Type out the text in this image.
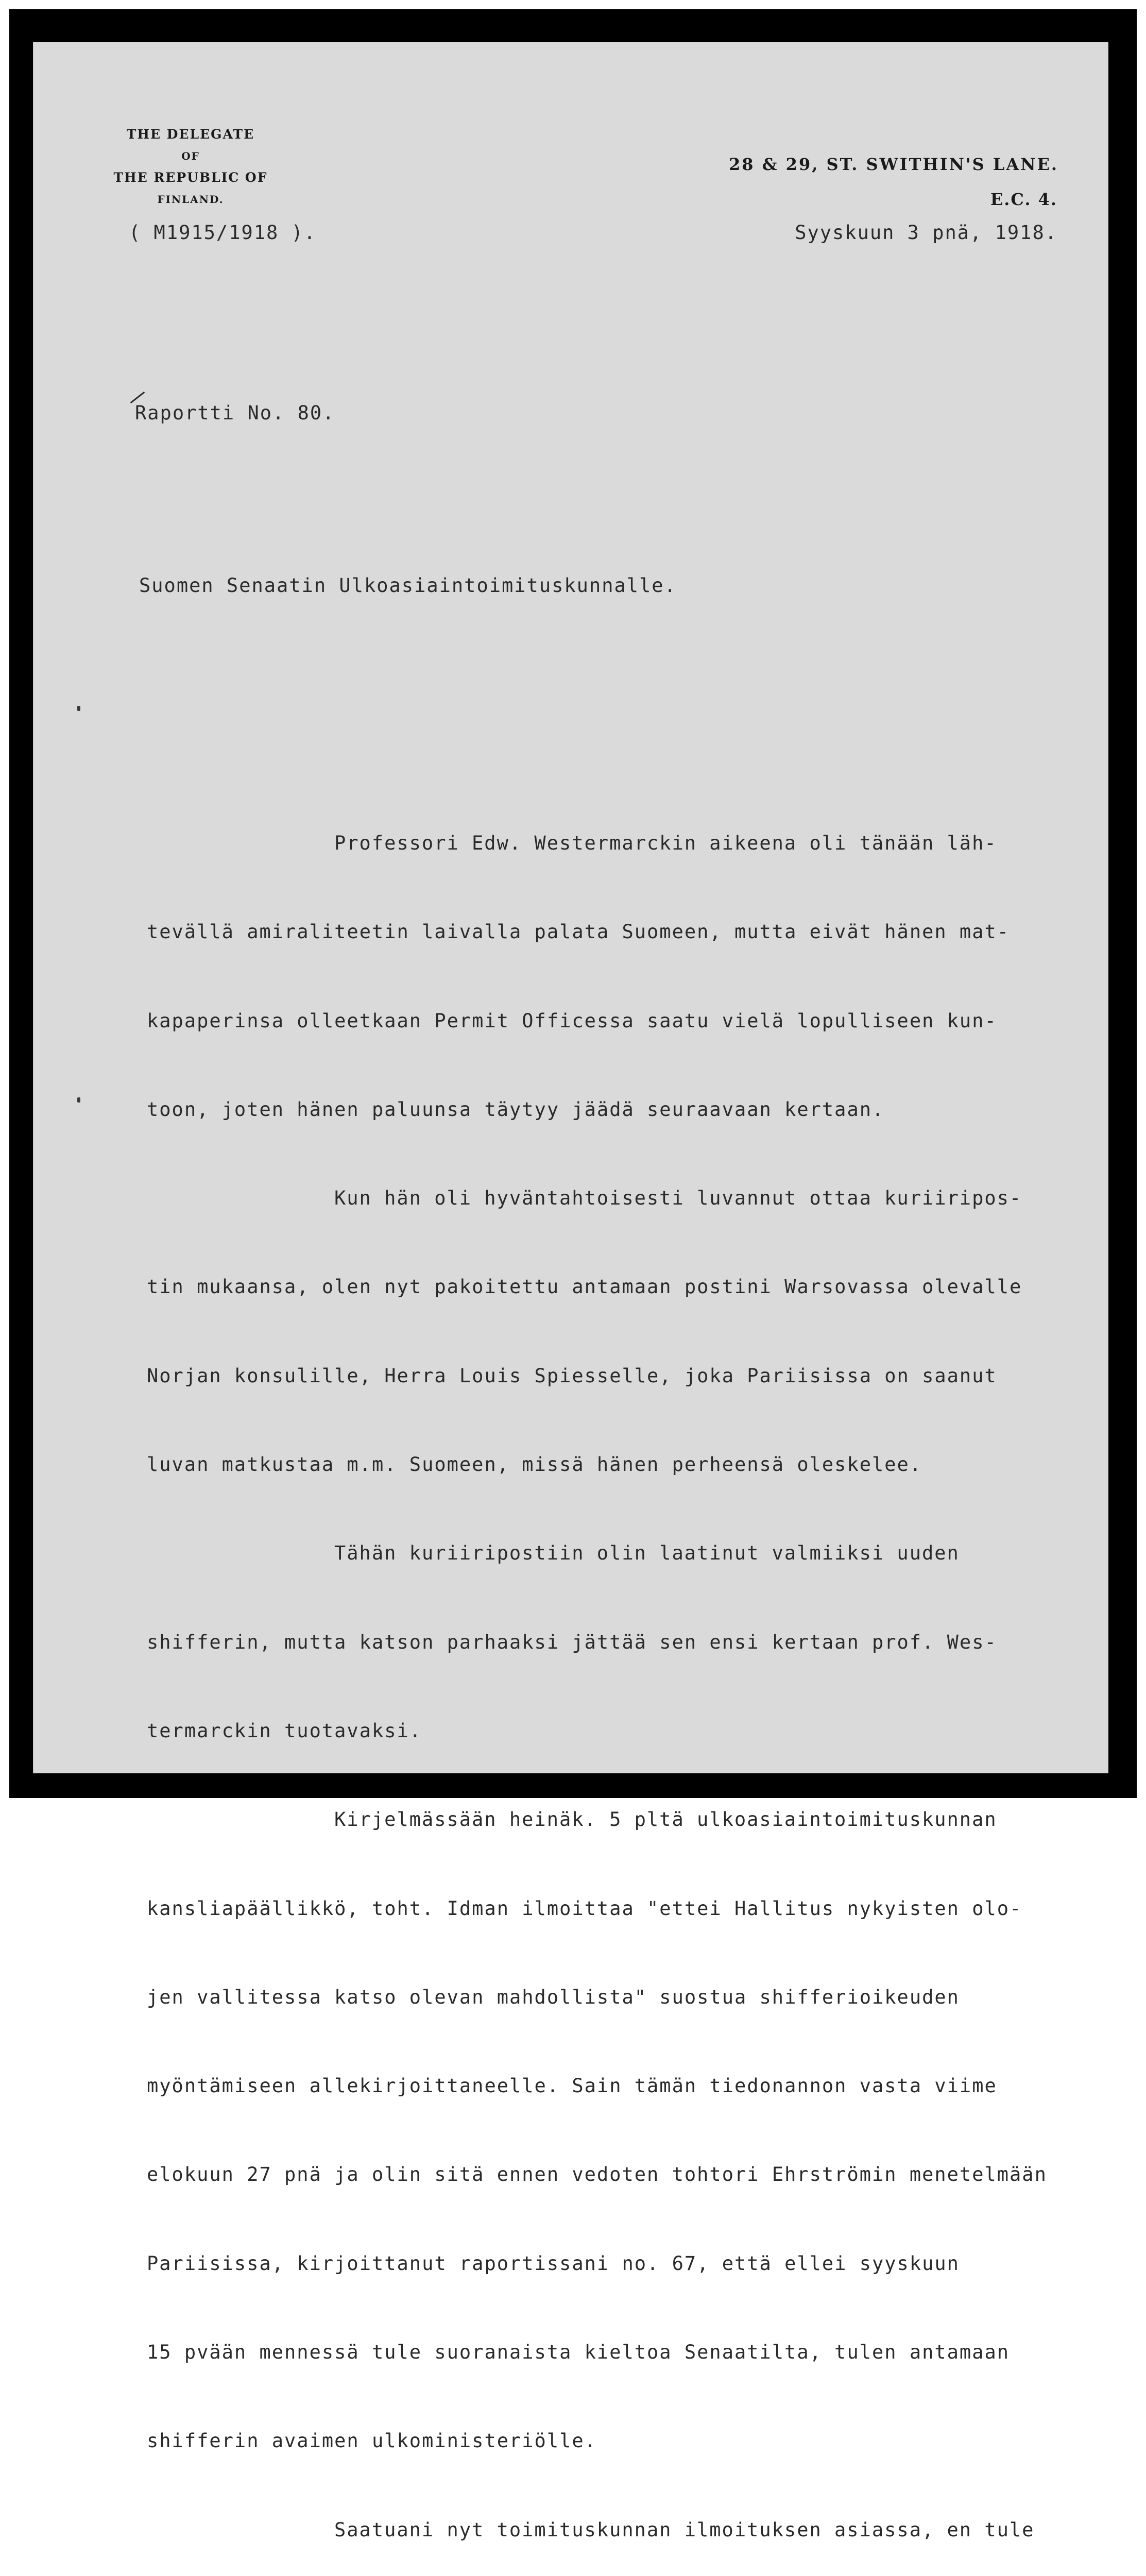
THE DELEGATE
OF
THE REPUBLIC OF
FINLAND.
28 & 29, ST. SWITHIN'S LANE.
E.C. 4.
( M1915/1918 ).	Syyskuun 3 pnä, 1918.
Raportti No. 80.
Suomen Senaatin Ulkoasiaintoimituskunnalle.

Professori Edw. Westermarckin aikeena oli tänään läh-

tevällä amiraliteetin laivalla palata Suomeen, mutta eivät hänen mat-

kapaperinsa olleetkaan Permit Officessa saatu vielä lopulliseen kun-

toon, joten hänen paluunsa täytyy jäädä seuraavaan kertaan.

Kun hän oli hyväntahtoisesti luvannut ottaa kuriiripos-

tin mukaansa, olen nyt pakoitettu antamaan postini Warsovassa olevalle

Norjan konsulille, Herra Louis Spiesselle, joka Pariisissa on saanut

luvan matkustaa m.m. Suomeen, missä hänen perheensä oleskelee.

Tähän kuriiripostiin olin laatinut valmiiksi uuden

shifferin, mutta katson parhaaksi jättää sen ensi kertaan prof. Wes-

termarckin tuotavaksi.

Kirjelmässään heinäk. 5 pltä ulkoasiaintoimituskunnan

kansliapäällikkö, toht. Idman ilmoittaa "ettei Hallitus nykyisten olo-

jen vallitessa katso olevan mahdollista" suostua shifferioikeuden

myöntämiseen allekirjoittaneelle. Sain tämän tiedonannon vasta viime

elokuun 27 pnä ja olin sitä ennen vedoten tohtori Ehrströmin menetelmään

Pariisissa, kirjoittanut raportissani no. 67, että ellei syyskuun

15 pvään mennessä tule suoranaista kieltoa Senaatilta, tulen antamaan

shifferin avaimen ulkoministeriölle.

Saatuani nyt toimituskunnan ilmoituksen asiassa, en tule
